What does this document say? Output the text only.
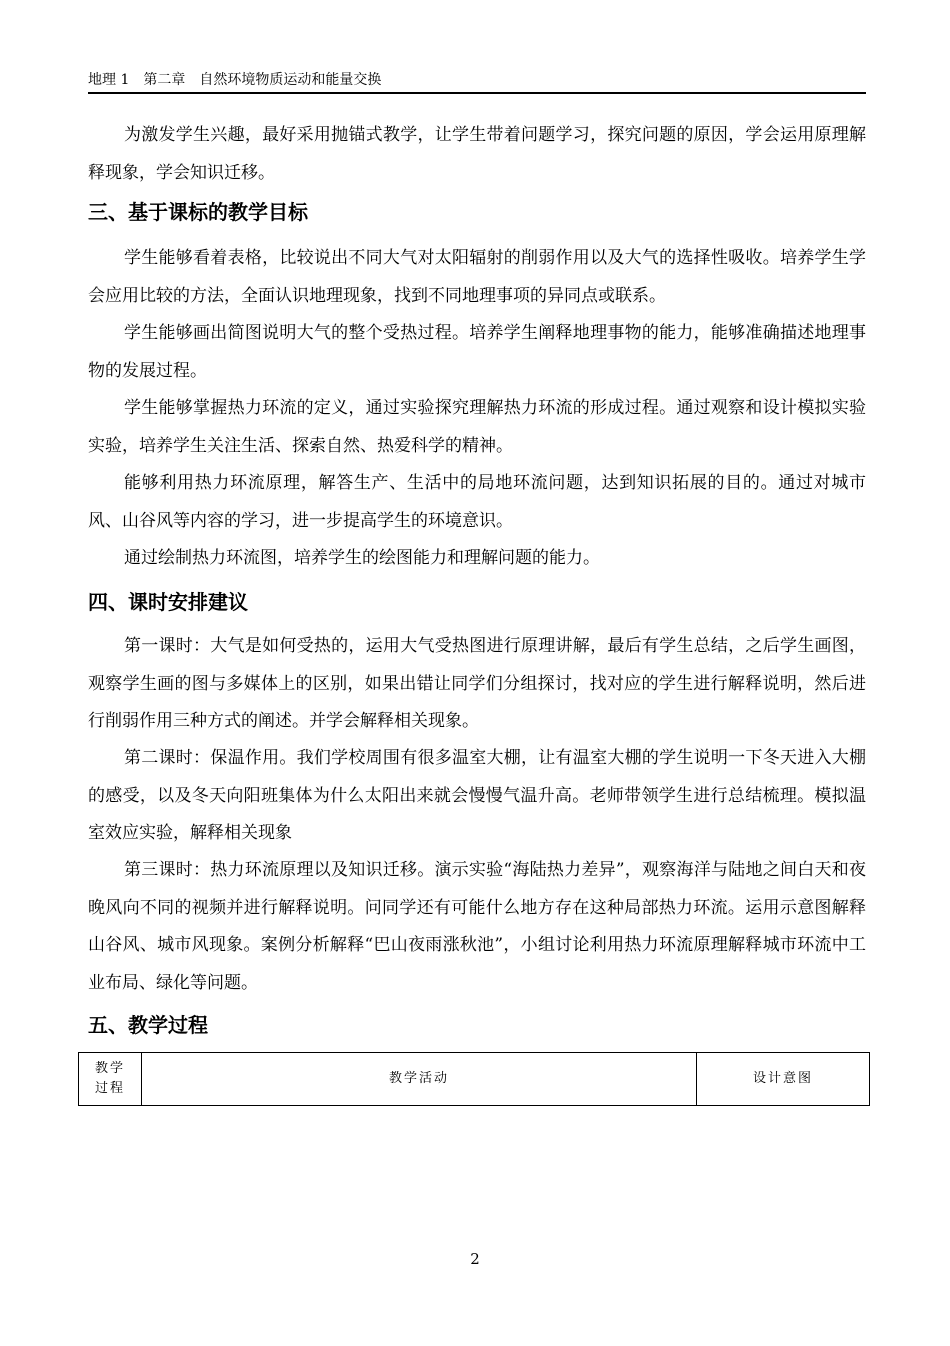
地理 1　第二章　自然环境物质运动和能量交换

为激发学生兴趣，最好采用抛锚式教学，让学生带着问题学习，探究问题的原因，学会运用原理解释现象，学会知识迁移。

三、基于课标的教学目标

学生能够看着表格，比较说出不同大气对太阳辐射的削弱作用以及大气的选择性吸收。培养学生学会应用比较的方法，全面认识地理现象，找到不同地理事项的异同点或联系。

学生能够画出简图说明大气的整个受热过程。培养学生阐释地理事物的能力，能够准确描述地理事物的发展过程。

学生能够掌握热力环流的定义，通过实验探究理解热力环流的形成过程。通过观察和设计模拟实验实验，培养学生关注生活、探索自然、热爱科学的精神。

能够利用热力环流原理，解答生产、生活中的局地环流问题，达到知识拓展的目的。通过对城市风、山谷风等内容的学习，进一步提高学生的环境意识。

通过绘制热力环流图，培养学生的绘图能力和理解问题的能力。

四、课时安排建议

第一课时：大气是如何受热的，运用大气受热图进行原理讲解，最后有学生总结，之后学生画图，观察学生画的图与多媒体上的区别，如果出错让同学们分组探讨，找对应的学生进行解释说明，然后进行削弱作用三种方式的阐述。并学会解释相关现象。

第二课时：保温作用。我们学校周围有很多温室大棚，让有温室大棚的学生说明一下冬天进入大棚的感受，以及冬天向阳班集体为什么太阳出来就会慢慢气温升高。老师带领学生进行总结梳理。模拟温室效应实验，解释相关现象

第三课时：热力环流原理以及知识迁移。演示实验“海陆热力差异”，观察海洋与陆地之间白天和夜晚风向不同的视频并进行解释说明。问同学还有可能什么地方存在这种局部热力环流。运用示意图解释山谷风、城市风现象。案例分析解释“巴山夜雨涨秋池”，小组讨论利用热力环流原理解释城市环流中工业布局、绿化等问题。

五、教学过程
教学
过程
	教学活动	设计意图
2
